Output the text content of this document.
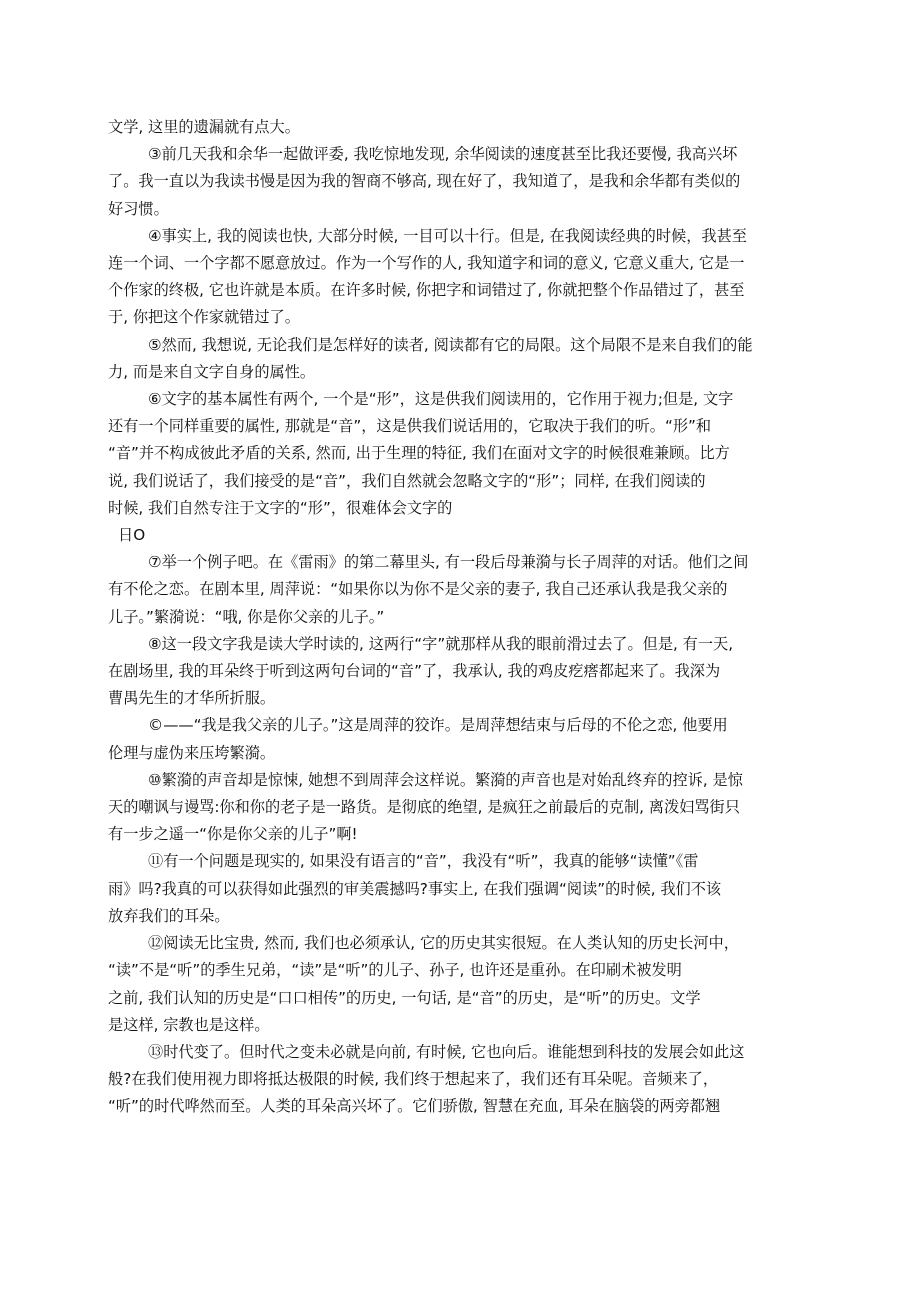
文学, 这里的遗漏就有点大。

③前几天我和余华一起做评委, 我吃惊地发现, 余华阅读的速度甚至比我还要慢, 我高兴坏

了。我一直以为我读书慢是因为我的智商不够高, 现在好了，我知道了，是我和余华都有类似的

好习惯。

④事实上, 我的阅读也快, 大部分时候, 一目可以十行。但是, 在我阅读经典的时候，我甚至

连一个词、一个字都不愿意放过。作为一个写作的人, 我知道字和词的意义, 它意义重大, 它是一

个作家的终极, 它也许就是本质。在许多时候, 你把字和词错过了, 你就把整个作品错过了，甚至

于, 你把这个作家就错过了。

⑤然而, 我想说, 无论我们是怎样好的读者, 阅读都有它的局限。这个局限不是来自我们的能

力, 而是来自文字自身的属性。

⑥文字的基本属性有两个, 一个是“形”，这是供我们阅读用的，它作用于视力;但是, 文字

还有一个同样重要的属性, 那就是“音”，这是供我们说话用的，它取决于我们的听。“形”和

“音”并不构成彼此矛盾的关系, 然而, 出于生理的特征, 我们在面对文字的时候很难兼顾。比方

说, 我们说话了，我们接受的是“音”，我们自然就会忽略文字的“形”；同样, 在我们阅读的

时候, 我们自然专注于文字的“形”，很难体会文字的

日O

⑦举一个例子吧。在《雷雨》的第二幕里头, 有一段后母兼漪与长子周萍的对话。他们之间

有不伦之恋。在剧本里, 周萍说：“如果你以为你不是父亲的妻子, 我自己还承认我是我父亲的

儿子。”繁漪说：“哦, 你是你父亲的儿子。”

⑧这一段文字我是读大学时读的, 这两行“字”就那样从我的眼前滑过去了。但是, 有一天,

在剧场里, 我的耳朵终于听到这两句台词的“音”了，我承认, 我的鸡皮疙瘩都起来了。我深为

曹禺先生的才华所折服。

©——“我是我父亲的儿子。”这是周萍的狡诈。是周萍想结束与后母的不伦之恋, 他要用

伦理与虚伪来压垮繁漪。

⑩繁漪的声音却是惊悚, 她想不到周萍会这样说。繁漪的声音也是对始乱终弃的控诉, 是惊

天的嘲讽与谩骂:你和你的老子是一路货。是彻底的绝望, 是疯狂之前最后的克制, 离泼妇骂街只

有一步之遥一“你是你父亲的儿子”啊!

⑪有一个问题是现实的, 如果没有语言的“音”，我没有“听”，我真的能够“读懂”《雷

雨》吗?我真的可以获得如此强烈的审美震撼吗?事实上, 在我们强调“阅读”的时候, 我们不该

放弃我们的耳朵。

⑫阅读无比宝贵, 然而, 我们也必须承认, 它的历史其实很短。在人类认知的历史长河中，

“读”不是“听”的季生兄弟，“读”是“听”的儿子、孙子, 也许还是重孙。在印刷术被发明

之前, 我们认知的历史是“口口相传”的历史, 一句话, 是“音”的历史，是“听”的历史。文学

是这样, 宗教也是这样。

⑬时代变了。但时代之变未必就是向前, 有时候, 它也向后。谁能想到科技的发展会如此这

般?在我们使用视力即将抵达极限的时候, 我们终于想起来了，我们还有耳朵呢。音频来了，

“听”的时代哗然而至。人类的耳朵高兴坏了。它们骄傲, 智慧在充血, 耳朵在脑袋的两旁都翘
